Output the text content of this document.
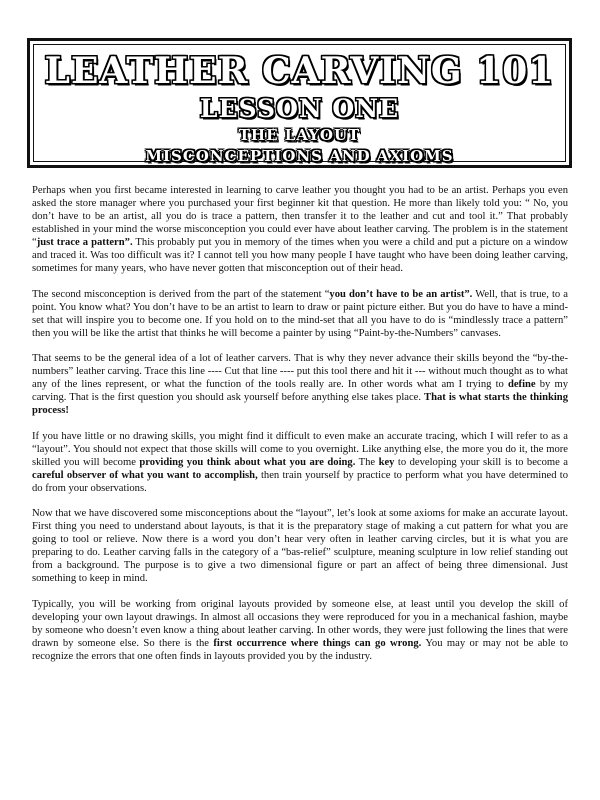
LEATHER CARVING 101
LESSON ONE
THE LAYOUT
MISCONCEPTIONS AND AXIOMS

Perhaps when you first became interested in learning to carve leather you thought you had to be an artist. Perhaps you even asked the store manager where you purchased your first beginner kit that question. He more than likely told you: “ No, you don’t have to be an artist, all you do is trace a pattern, then transfer it to the leather and cut and tool it.” That probably established in your mind the worse misconception you could ever have about leather carving. The problem is in the statement “just trace a pattern”. This probably put you in memory of the times when you were a child and put a picture on a window and traced it. Was too difficult was it? I cannot tell you how many people I have taught who have been doing leather carving, sometimes for many years, who have never gotten that misconception out of their head.

The second misconception is derived from the part of the statement “you don’t have to be an artist”. Well, that is true, to a point. You know what? You don’t have to be an artist to learn to draw or paint picture either. But you do have to have a mind-set that will inspire you to become one. If you hold on to the mind-set that all you have to do is “mindlessly trace a pattern” then you will be like the artist that thinks he will become a painter by using “Paint-by-the-Numbers” canvases.

That seems to be the general idea of a lot of leather carvers. That is why they never advance their skills beyond the “by-the-numbers” leather carving. Trace this line ---- Cut that line ---- put this tool there and hit it --- without much thought as to what any of the lines represent, or what the function of the tools really are. In other words what am I trying to define by my carving. That is the first question you should ask yourself before anything else takes place. That is what starts the thinking process!

If you have little or no drawing skills, you might find it difficult to even make an accurate tracing, which I will refer to as a “layout”. You should not expect that those skills will come to you overnight. Like anything else, the more you do it, the more skilled you will become providing you think about what you are doing. The key to developing your skill is to become a careful observer of what you want to accomplish, then train yourself by practice to perform what you have determined to do from your observations.

Now that we have discovered some misconceptions about the “layout”, let’s look at some axioms for make an accurate layout. First thing you need to understand about layouts, is that it is the preparatory stage of making a cut pattern for what you are going to tool or relieve. Now there is a word you don’t hear very often in leather carving circles, but it is what you are preparing to do. Leather carving falls in the category of a “bas-relief” sculpture, meaning sculpture in low relief standing out from a background. The purpose is to give a two dimensional figure or part an affect of being three dimensional. Just something to keep in mind.

Typically, you will be working from original layouts provided by someone else, at least until you develop the skill of developing your own layout drawings. In almost all occasions they were reproduced for you in a mechanical fashion, maybe by someone who doesn’t even know a thing about leather carving. In other words, they were just following the lines that were drawn by someone else. So there is the first occurrence where things can go wrong. You may or may not be able to recognize the errors that one often finds in layouts provided you by the industry.
